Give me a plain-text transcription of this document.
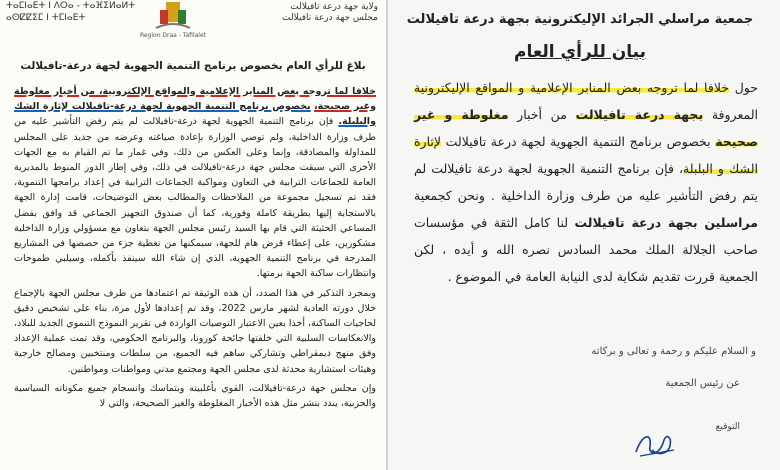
ⵜⴰⵎⵏⴰⴹⵜ ⵏ ⴷⵔⴰ - ⵜⴰⴼⵉⵍⴰⵍⵜ
ⴰⵙⵇⵇⵉⵎ ⵏ ⵜⵎⵏⴰⴹⵜ
Region Draa - Tafilalet
ولاية جهة درعة تافيلالت
مجلس جهة درعة تافيلالت
بلاغ للرأي العام بخصوص برنامج التنمية الجهوية لجهة درعة-تافيلالت

خلافا لما تروجه بعض المنابر الإعلامية والمواقع الإلكترونية، من أخبار مغلوطة وغير صحيحة، بخصوص برنامج التنمية الجهوية لجهة درعة-تافيلالت لإثارة الشك والبلبلة. فإن برنامج التنمية الجهوية لجهة درعة-تافيلالت لم يتم رفض التأشير عليه من طرف وزارة الداخلية، ولم توصي الوزارة بإعادة صياغته وعرضه من جديد على المجلس للمداولة والمصادقة، وإنما وعلى العكس من ذلك، وفي غمار ما تم القيام به مع الجهات الأخرى التي سبقت مجلس جهة درعة-تافيلالت في ذلك، وفي إطار الدور المنوط بالمديرية العامة للجماعات الترابية في التعاون ومواكبة الجماعات الترابية في إعداد برامجها التنموية، فقد تم تسجيل مجموعة من الملاحظات والمطالب بعض التوضيحات، قامت إدارة الجهة بالاستجابة إليها بطريقة كاملة وفورية، كما أن صندوق التجهيز الجماعي قد وافق بفضل المساعي الحثيثة التي قام بها السيد رئيس مجلس الجهة بتعاون مع مسؤولي وزارة الداخلية مشكورين، على إعطاء قرض هام للجهة، سيمكنها من تغطية جزء من حصصها في المشاريع المدرجة في برنامج التنمية الجهوية، الذي إن شاء الله سينفذ بأكمله، وسيلبي طموحات وانتظارات ساكنة الجهة برمتها.

وبمجرد التذكير في هذا الصدد، أن هذه الوثيقة تم اعتمادها من طرف مجلس الجهة بالإجماع خلال دورته العادية لشهر مارس 2022، وقد تم إعدادها لأول مرة، بناء على تشخيص دقيق لحاجيات الساكنة، أخذا بعين الاعتبار التوصيات الواردة في تقرير النموذج التنموي الجديد للبلاد، والانعكاسات السلبية التي خلفتها جائحة كورونا، والبرنامج الحكومي، وقد تمت عملية الإعداد وفق منهج ديمقراطي وتشاركي ساهم فيه الجميع، من سلطات ومنتخبين ومصالح خارجية وهيئات استشارية محدثة لدى مجلس الجهة ومجتمع مدني ومواطنات ومواطنين.

وإن مجلس جهة درعة-تافيلالت، القوي بأغلبيته وبتماسك وانسجام جميع مكوناته السياسية والحزبية، يندد بنشر مثل هذه الأخبار المغلوطة والغير الصحيحة، والتي لا

جمعية مراسلي الجرائد الإليكترونية بجهة درعة تافيلالت
بيان للرأي العام

حول خلافا لما تروجه بعض المنابر الإعلامية و المواقع الإليكترونية المعروفة بجهة درعة تافيلالت من أخبار مغلوطة و غير صحيحة بخصوص برنامج التنمية الجهوية لجهة درعة تافيلالت لإثارة الشك و البلبلة، فإن برنامج التنمية الجهوية لجهة درعة تافيلالت لم يتم رفض التأشير عليه من طرف وزارة الداخلية . ونحن كجمعية مراسلين بجهة درعة تافيلالت لنا كامل الثقة في مؤسسات صاحب الجلالة الملك محمد السادس نصره الله و أيده ، لكن الجمعية قررت تقديم شكاية لدى النيابة العامة في الموضوع .

و السلام عليكم و رحمة و تعالى و بركاته
عن رئيس الجمعية
التوقيع
